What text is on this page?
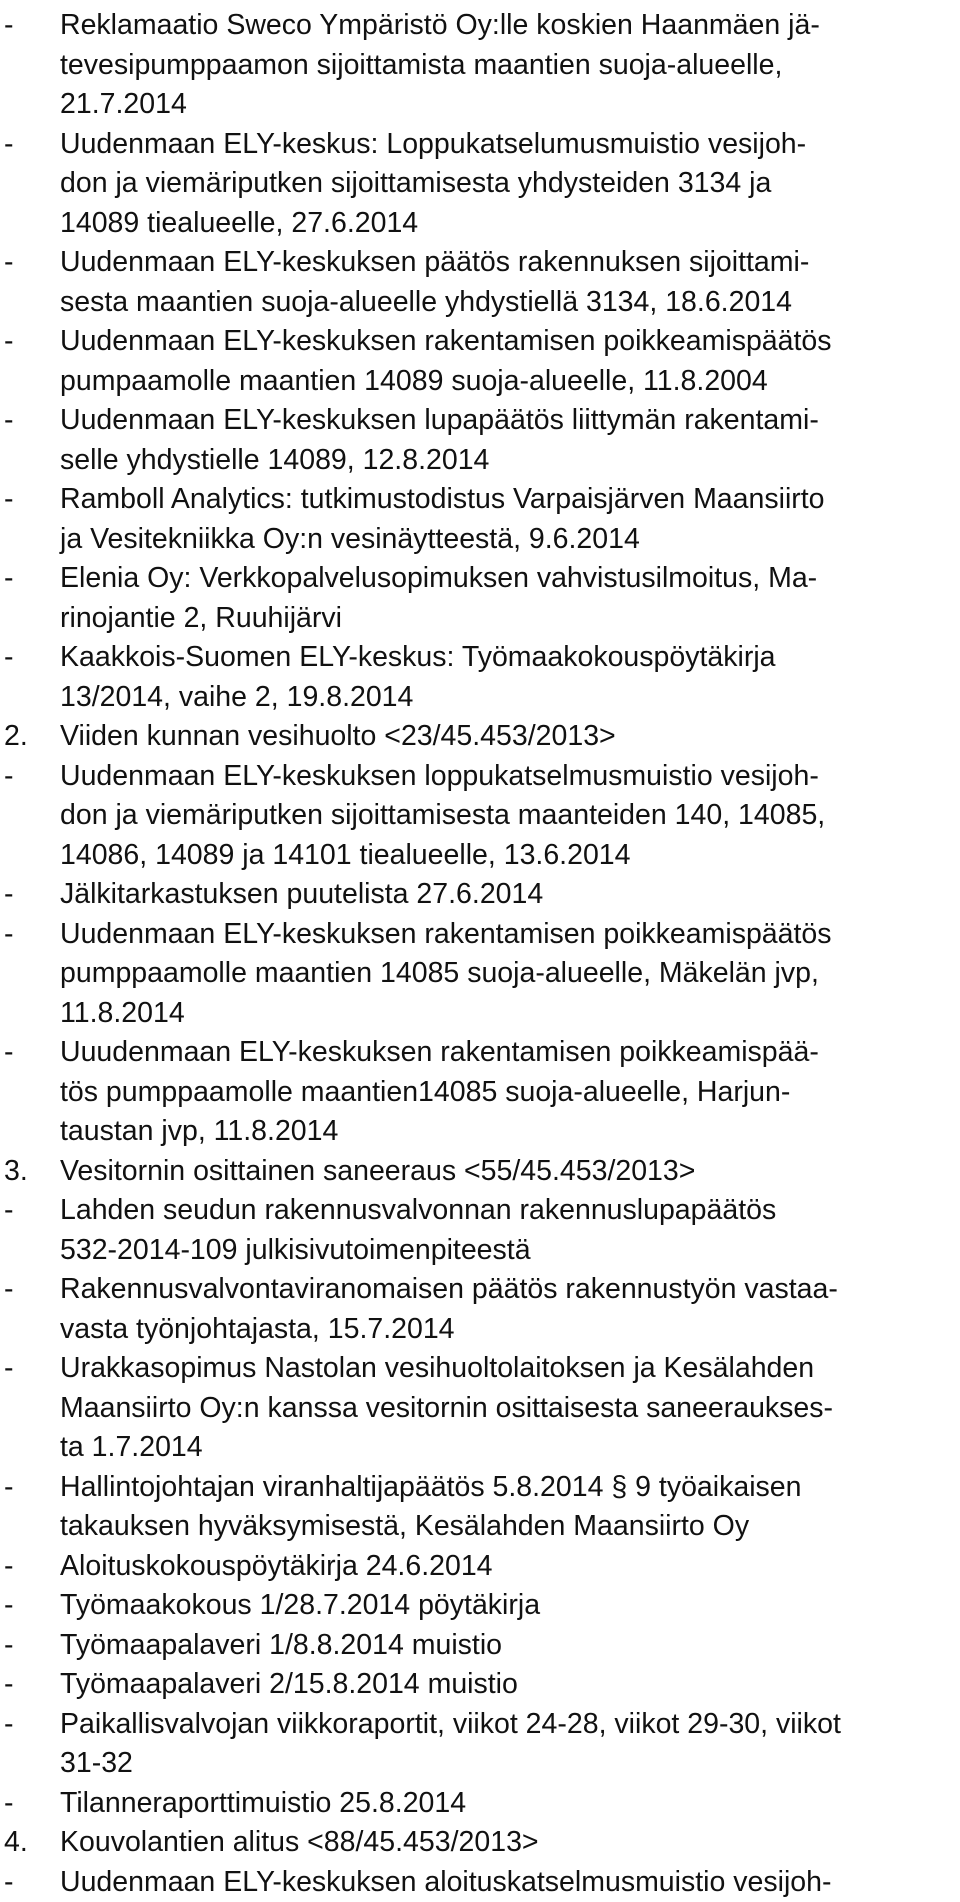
-	Reklamaatio Sweco Ympäristö Oy:lle koskien Haanmäen jä-
tevesipumppaamon sijoittamista maantien suoja-alueelle,
21.7.2014
-	Uudenmaan ELY-keskus: Loppukatselumusmuistio vesijoh-
don ja viemäriputken sijoittamisesta yhdysteiden 3134 ja
14089 tiealueelle, 27.6.2014
-	Uudenmaan ELY-keskuksen päätös rakennuksen sijoittami-
sesta maantien suoja-alueelle yhdystiellä 3134, 18.6.2014
-	Uudenmaan ELY-keskuksen rakentamisen poikkeamispäätös
pumpaamolle maantien 14089 suoja-alueelle, 11.8.2004
-	Uudenmaan ELY-keskuksen lupapäätös liittymän rakentami-
selle yhdystielle 14089, 12.8.2014
-	Ramboll Analytics: tutkimustodistus Varpaisjärven Maansiirto
ja Vesitekniikka Oy:n vesinäytteestä, 9.6.2014
-	Elenia Oy: Verkkopalvelusopimuksen vahvistusilmoitus, Ma-
rinojantie 2, Ruuhijärvi
-	Kaakkois-Suomen ELY-keskus: Työmaakokouspöytäkirja
13/2014, vaihe 2, 19.8.2014
2.	Viiden kunnan vesihuolto <23/45.453/2013>
-	Uudenmaan ELY-keskuksen loppukatselmusmuistio vesijoh-
don ja viemäriputken sijoittamisesta maanteiden 140, 14085,
14086, 14089 ja 14101 tiealueelle, 13.6.2014
-	Jälkitarkastuksen puutelista 27.6.2014
-	Uudenmaan ELY-keskuksen rakentamisen poikkeamispäätös
pumppaamolle maantien 14085 suoja-alueelle, Mäkelän jvp,
11.8.2014
-	Uuudenmaan ELY-keskuksen rakentamisen poikkeamispää-
tös pumppaamolle maantien14085 suoja-alueelle, Harjun-
taustan jvp, 11.8.2014
3.	Vesitornin osittainen saneeraus <55/45.453/2013>
-	Lahden seudun rakennusvalvonnan rakennuslupapäätös
532-2014-109 julkisivutoimenpiteestä
-	Rakennusvalvontaviranomaisen päätös rakennustyön vastaa-
vasta työnjohtajasta, 15.7.2014
-	Urakkasopimus Nastolan vesihuoltolaitoksen ja Kesälahden
Maansiirto Oy:n kanssa vesitornin osittaisesta saneeraukses-
ta 1.7.2014
-	Hallintojohtajan viranhaltijapäätös 5.8.2014 § 9 työaikaisen
takauksen hyväksymisestä, Kesälahden Maansiirto Oy
-	Aloituskokouspöytäkirja 24.6.2014
-	Työmaakokous 1/28.7.2014 pöytäkirja
-	Työmaapalaveri 1/8.8.2014 muistio
-	Työmaapalaveri 2/15.8.2014 muistio
-	Paikallisvalvojan viikkoraportit, viikot 24-28, viikot 29-30, viikot
31-32
-	Tilanneraporttimuistio 25.8.2014
4.	Kouvolantien alitus <88/45.453/2013>
-	Uudenmaan ELY-keskuksen aloituskatselmusmuistio vesijoh-
